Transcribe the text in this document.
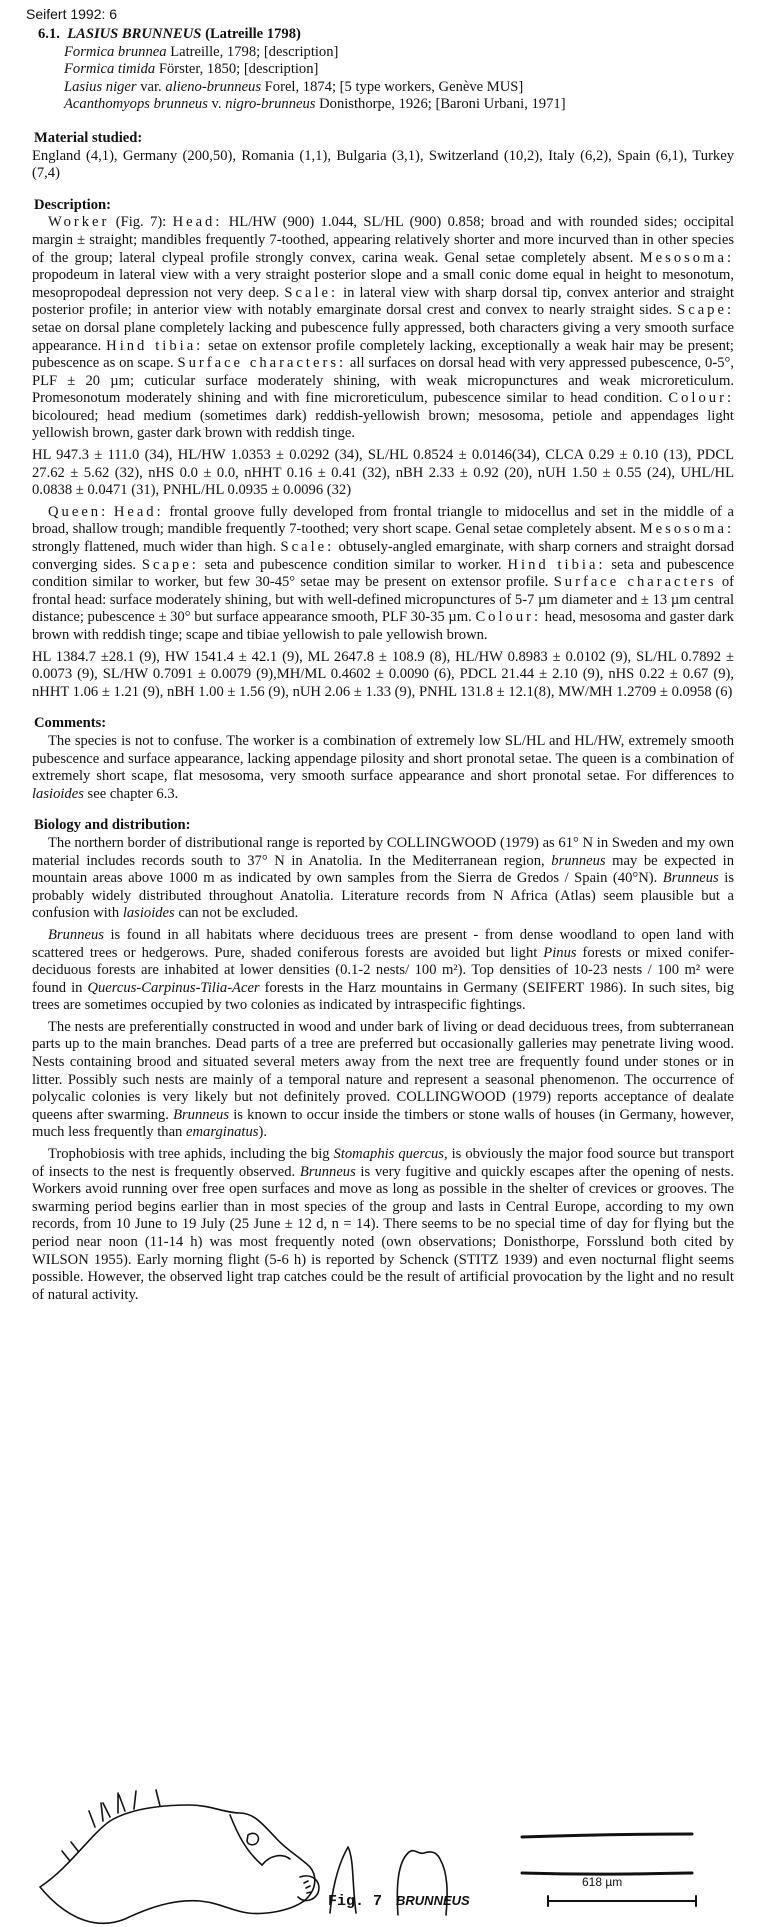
Seifert 1992: 6
6.1. LASIUS BRUNNEUS (Latreille 1798)
Formica brunnea Latreille, 1798; [description]
Formica timida Förster, 1850; [description]
Lasius niger var. alieno-brunneus Forel, 1874; [5 type workers, Genève MUS]
Acanthomyops brunneus v. nigro-brunneus Donisthorpe, 1926; [Baroni Urbani, 1971]
Material studied:

England (4,1), Germany (200,50), Romania (1,1), Bulgaria (3,1), Switzerland (10,2), Italy (6,2), Spain (6,1), Turkey (7,4)

Description:

Worker (Fig. 7): Head: HL/HW (900) 1.044, SL/HL (900) 0.858; broad and with rounded sides; occipital margin ± straight; mandibles frequently 7-toothed, appearing relatively shorter and more incurved than in other species of the group; lateral clypeal profile strongly convex, carina weak. Genal setae completely absent. Mesosoma: propodeum in lateral view with a very straight posterior slope and a small conic dome equal in height to mesonotum, mesopropodeal depression not very deep. Scale: in lateral view with sharp dorsal tip, convex anterior and straight posterior profile; in anterior view with notably emarginate dorsal crest and convex to nearly straight sides. Scape: setae on dorsal plane completely lacking and pubescence fully appressed, both characters giving a very smooth surface appearance. Hind tibia: setae on extensor profile completely lacking, exceptionally a weak hair may be present; pubescence as on scape. Surface characters: all surfaces on dorsal head with very appressed pubescence, 0-5°, PLF ± 20 µm; cuticular surface moderately shining, with weak micropunctures and weak microreticulum. Promesonotum moderately shining and with fine microreticulum, pubescence similar to head condition. Colour: bicoloured; head medium (sometimes dark) reddish-yellowish brown; mesosoma, petiole and appendages light yellowish brown, gaster dark brown with reddish tinge.

HL 947.3 ± 111.0 (34), HL/HW 1.0353 ± 0.0292 (34), SL/HL 0.8524 ± 0.0146(34), CLCA 0.29 ± 0.10 (13), PDCL 27.62 ± 5.62 (32), nHS 0.0 ± 0.0, nHHT 0.16 ± 0.41 (32), nBH 2.33 ± 0.92 (20), nUH 1.50 ± 0.55 (24), UHL/HL 0.0838 ± 0.0471 (31), PNHL/HL 0.0935 ± 0.0096 (32)

Queen: Head: frontal groove fully developed from frontal triangle to midocellus and set in the middle of a broad, shallow trough; mandible frequently 7-toothed; very short scape. Genal setae completely absent. Mesosoma: strongly flattened, much wider than high. Scale: obtusely-angled emarginate, with sharp corners and straight dorsad converging sides. Scape: seta and pubescence condition similar to worker. Hind tibia: seta and pubescence condition similar to worker, but few 30-45° setae may be present on extensor profile. Surface characters of frontal head: surface moderately shining, but with well-defined micropunctures of 5-7 µm diameter and ± 13 µm central distance; pubescence ± 30° but surface appearance smooth, PLF 30-35 µm. Colour: head, mesosoma and gaster dark brown with reddish tinge; scape and tibiae yellowish to pale yellowish brown.

HL 1384.7 ±28.1 (9), HW 1541.4 ± 42.1 (9), ML 2647.8 ± 108.9 (8), HL/HW 0.8983 ± 0.0102 (9), SL/HL 0.7892 ± 0.0073 (9), SL/HW 0.7091 ± 0.0079 (9),MH/ML 0.4602 ± 0.0090 (6), PDCL 21.44 ± 2.10 (9), nHS 0.22 ± 0.67 (9), nHHT 1.06 ± 1.21 (9), nBH 1.00 ± 1.56 (9), nUH 2.06 ± 1.33 (9), PNHL 131.8 ± 12.1(8), MW/MH 1.2709 ± 0.0958 (6)

Comments:

The species is not to confuse. The worker is a combination of extremely low SL/HL and HL/HW, extremely smooth pubescence and surface appearance, lacking appendage pilosity and short pronotal setae. The queen is a combination of extremely short scape, flat mesosoma, very smooth surface appearance and short pronotal setae. For differences to lasioides see chapter 6.3.

Biology and distribution:

The northern border of distributional range is reported by COLLINGWOOD (1979) as 61° N in Sweden and my own material includes records south to 37° N in Anatolia. In the Mediterranean region, brunneus may be expected in mountain areas above 1000 m as indicated by own samples from the Sierra de Gredos / Spain (40°N). Brunneus is probably widely distributed throughout Anatolia. Literature records from N Africa (Atlas) seem plausible but a confusion with lasioides can not be excluded.

Brunneus is found in all habitats where deciduous trees are present - from dense woodland to open land with scattered trees or hedgerows. Pure, shaded coniferous forests are avoided but light Pinus forests or mixed conifer-deciduous forests are inhabited at lower densities (0.1-2 nests/ 100 m²). Top densities of 10-23 nests / 100 m² were found in Quercus-Carpinus-Tilia-Acer forests in the Harz mountains in Germany (SEIFERT 1986). In such sites, big trees are sometimes occupied by two colonies as indicated by intraspecific fightings.

The nests are preferentially constructed in wood and under bark of living or dead deciduous trees, from subterranean parts up to the main branches. Dead parts of a tree are preferred but occasionally galleries may penetrate living wood. Nests containing brood and situated several meters away from the next tree are frequently found under stones or in litter. Possibly such nests are mainly of a temporal nature and represent a seasonal phenomenon. The occurrence of polycalic colonies is very likely but not definitely proved. COLLINGWOOD (1979) reports acceptance of dealate queens after swarming. Brunneus is known to occur inside the timbers or stone walls of houses (in Germany, however, much less frequently than emarginatus).

Trophobiosis with tree aphids, including the big Stomaphis quercus, is obviously the major food source but transport of insects to the nest is frequently observed. Brunneus is very fugitive and quickly escapes after the opening of nests. Workers avoid running over free open surfaces and move as long as possible in the shelter of crevices or grooves. The swarming period begins earlier than in most species of the group and lasts in Central Europe, according to my own records, from 10 June to 19 July (25 June ± 12 d, n = 14). There seems to be no special time of day for flying but the period near noon (11-14 h) was most frequently noted (own observations; Donisthorpe, Forsslund both cited by WILSON 1955). Early morning flight (5-6 h) is reported by Schenck (STITZ 1939) and even nocturnal flight seems possible. However, the observed light trap catches could be the result of artificial provocation by the light and no result of natural activity.

618 µm
Fig. 7 BRUNNEUS
